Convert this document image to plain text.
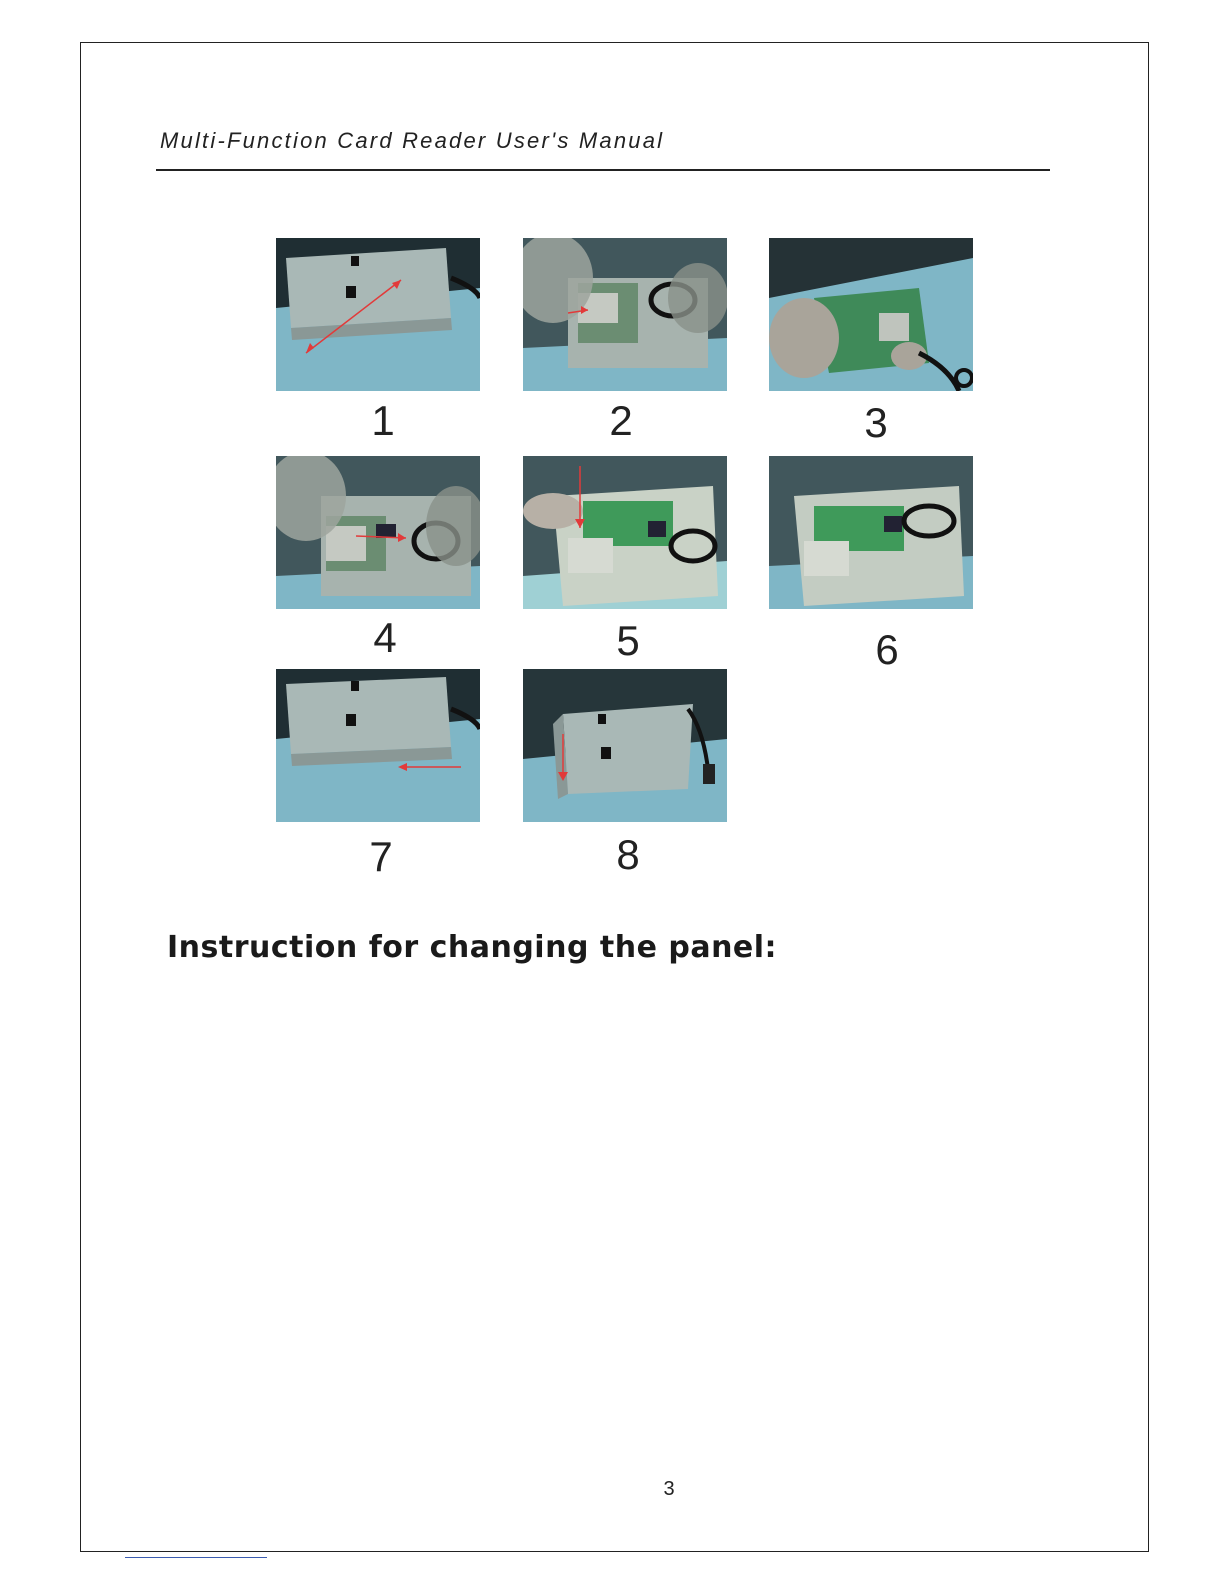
Multi-Function Card Reader User's Manual
1	2	3
4	5	6
7	8
Instruction for changing the panel:
3
